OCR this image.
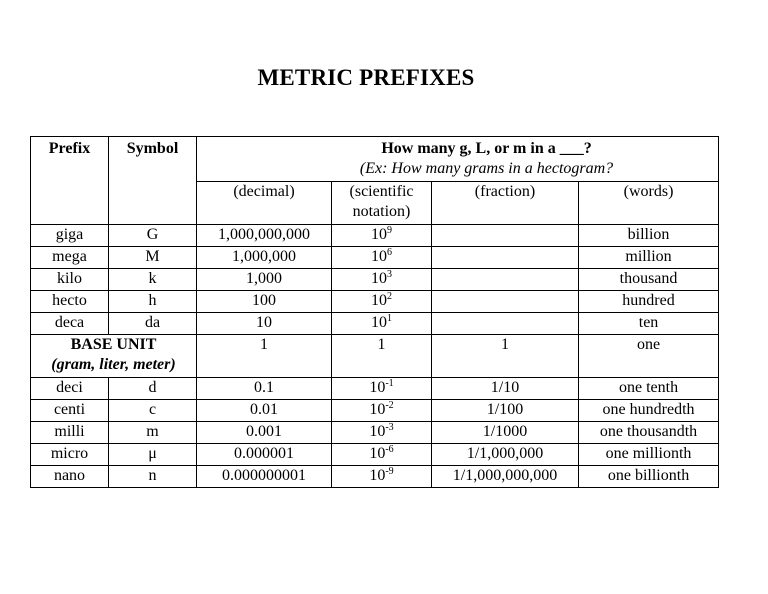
METRIC PREFIXES
Prefix	Symbol	How many g, L, or m in a ___?
(Ex: How many grams in a hectogram?			

		(decimal)	(scientific
notation)	(fraction)	(words)
giga	G	1,000,000,000	$10^9$		billion
mega	M	1,000,000	$10^6$		million
kilo	k	1,000	$10^3$		thousand
hecto	h	100	$10^2$		hundred
deca	da	10	$10^1$		ten

BASE UNIT
(gram, liter, meter)		1	1	1	one
deci	d	0.1	$10^{-1}$	1/10	one tenth
centi	c	0.01	$10^{-2}$	1/100	one hundredth
milli	m	0.001	$10^{-3}$	1/1000	one thousandth
micro	μ	0.000001	$10^{-6}$	1/1,000,000	one millionth
nano	n	0.000000001	$10^{-9}$	1/1,000,000,000	one billionth
